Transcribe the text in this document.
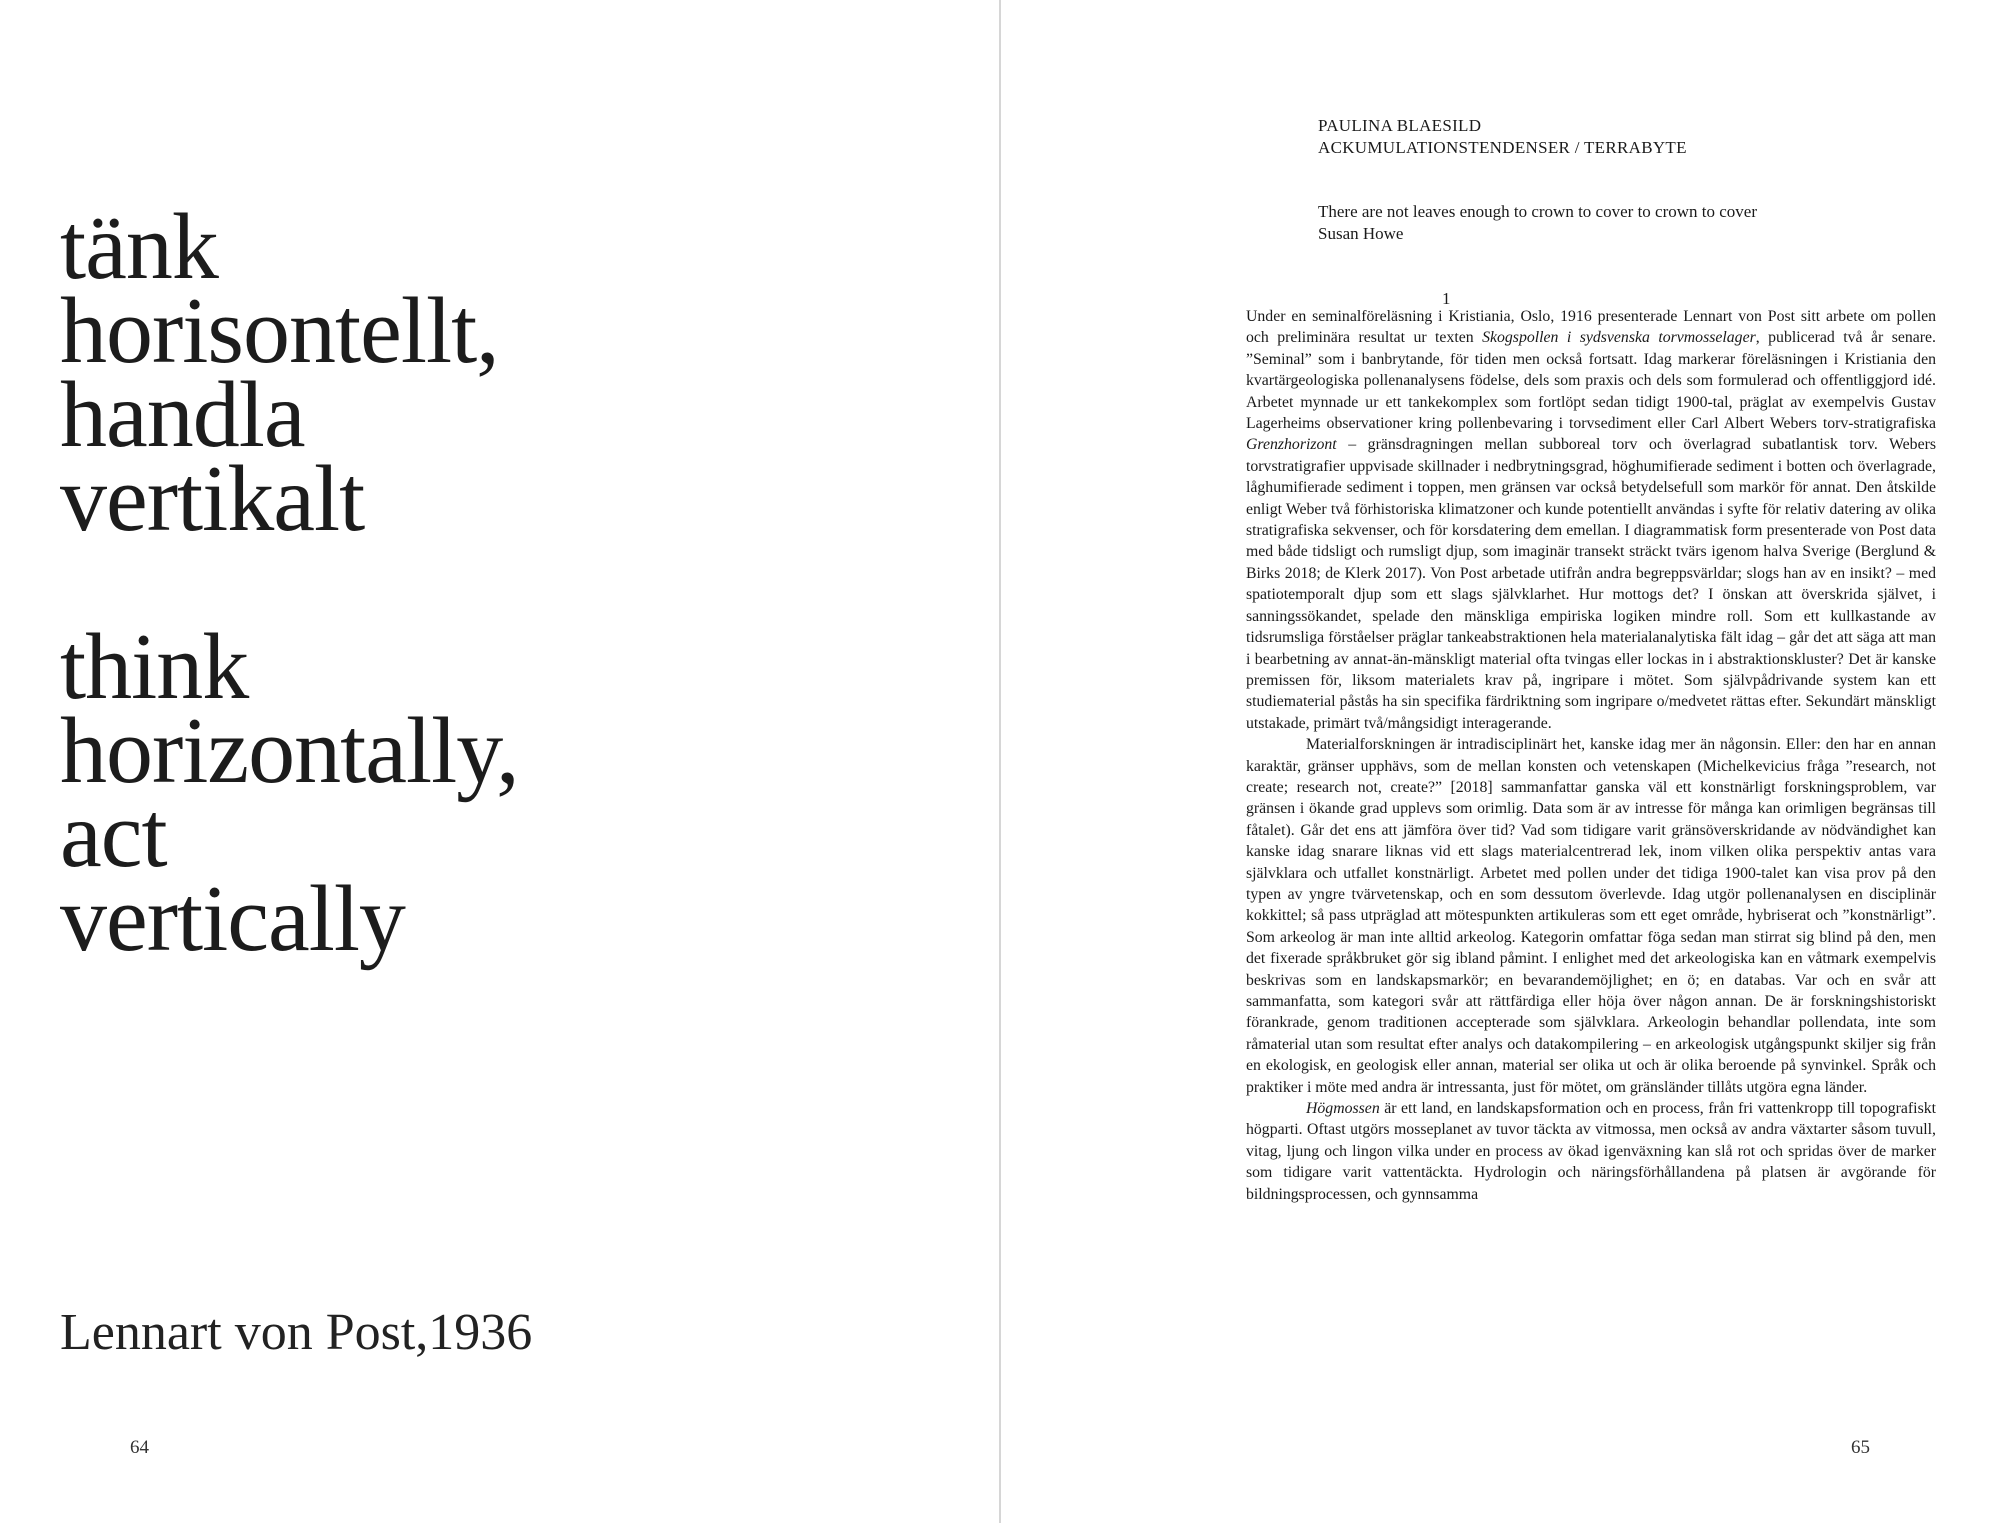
tänk
horisontellt,
handla
vertikalt
think
horizontally,
act
vertically
Lennart von Post,1936
64
PAULINA BLAESILD
ACKUMULATIONSTENDENSER / TERRABYTE
There are not leaves enough to crown to cover to crown to cover
Susan Howe
1

Under en seminalföreläsning i Kristiania, Oslo, 1916 presenterade Lennart von Post sitt arbete om pollen och preliminära resultat ur texten Skogspollen i sydsvenska torvmosselager, publicerad två år senare. ”Seminal” som i banbrytande, för tiden men också fortsatt. Idag markerar föreläsningen i Kristiania den kvartärgeologiska pollenanalysens födelse, dels som praxis och dels som formulerad och offentliggjord idé. Arbetet mynnade ur ett tankekomplex som fortlöpt sedan tidigt 1900-tal, präglat av exempelvis Gustav Lagerheims observationer kring pollenbevaring i torvsediment eller Carl Albert Webers torv-stratigrafiska Grenzhorizont – gränsdragningen mellan subboreal torv och överlagrad subatlantisk torv. Webers torvstratigrafier uppvisade skillnader i nedbrytningsgrad, höghumifierade sediment i botten och överlagrade, låghumifierade sediment i toppen, men gränsen var också betydelsefull som markör för annat. Den åtskilde enligt Weber två förhistoriska klimatzoner och kunde potentiellt användas i syfte för relativ datering av olika stratigrafiska sekvenser, och för korsdatering dem emellan. I diagrammatisk form presenterade von Post data med både tidsligt och rumsligt djup, som imaginär transekt sträckt tvärs igenom halva Sverige (Berglund & Birks 2018; de Klerk 2017). Von Post arbetade utifrån andra begreppsvärldar; slogs han av en insikt? – med spatiotemporalt djup som ett slags självklarhet. Hur mottogs det? I önskan att överskrida självet, i sanningssökandet, spelade den mänskliga empiriska logiken mindre roll. Som ett kullkastande av tidsrumsliga förståelser präglar tankeabstraktionen hela materialanalytiska fält idag – går det att säga att man i bearbetning av annat-än-mänskligt material ofta tvingas eller lockas in i abstraktionskluster? Det är kanske premissen för, liksom materialets krav på, ingripare i mötet. Som självpådrivande system kan ett studiematerial påstås ha sin specifika färdriktning som ingripare o/medvetet rättas efter. Sekundärt mänskligt utstakade, primärt två/mångsidigt interagerande.

Materialforskningen är intradisciplinärt het, kanske idag mer än någonsin. Eller: den har en annan karaktär, gränser upphävs, som de mellan konsten och vetenskapen (Michelkevicius fråga ”research, not create; research not, create?” [2018] sammanfattar ganska väl ett konstnärligt forskningsproblem, var gränsen i ökande grad upplevs som orimlig. Data som är av intresse för många kan orimligen begränsas till fåtalet). Går det ens att jämföra över tid? Vad som tidigare varit gränsöverskridande av nödvändighet kan kanske idag snarare liknas vid ett slags materialcentrerad lek, inom vilken olika perspektiv antas vara självklara och utfallet konstnärligt. Arbetet med pollen under det tidiga 1900-talet kan visa prov på den typen av yngre tvärvetenskap, och en som dessutom överlevde. Idag utgör pollenanalysen en disciplinär kokkittel; så pass utpräglad att mötespunkten artikuleras som ett eget område, hybriserat och ”konstnärligt”. Som arkeolog är man inte alltid arkeolog. Kategorin omfattar föga sedan man stirrat sig blind på den, men det fixerade språkbruket gör sig ibland påmint. I enlighet med det arkeologiska kan en våtmark exempelvis beskrivas som en landskapsmarkör; en bevarandemöjlighet; en ö; en databas. Var och en svår att sammanfatta, som kategori svår att rättfärdiga eller höja över någon annan. De är forskningshistoriskt förankrade, genom traditionen accepterade som självklara. Arkeologin behandlar pollendata, inte som råmaterial utan som resultat efter analys och datakompilering – en arkeologisk utgångspunkt skiljer sig från en ekologisk, en geologisk eller annan, material ser olika ut och är olika beroende på synvinkel. Språk och praktiker i möte med andra är intressanta, just för mötet, om gränsländer tillåts utgöra egna länder.

Högmossen är ett land, en landskapsformation och en process, från fri vattenkropp till topografiskt högparti. Oftast utgörs mosseplanet av tuvor täckta av vitmossa, men också av andra växtarter såsom tuvull, vitag, ljung och lingon vilka under en process av ökad igenväxning kan slå rot och spridas över de marker som tidigare varit vattentäckta. Hydrologin och näringsförhållandena på platsen är avgörande för bildningsprocessen, och gynnsamma

65
